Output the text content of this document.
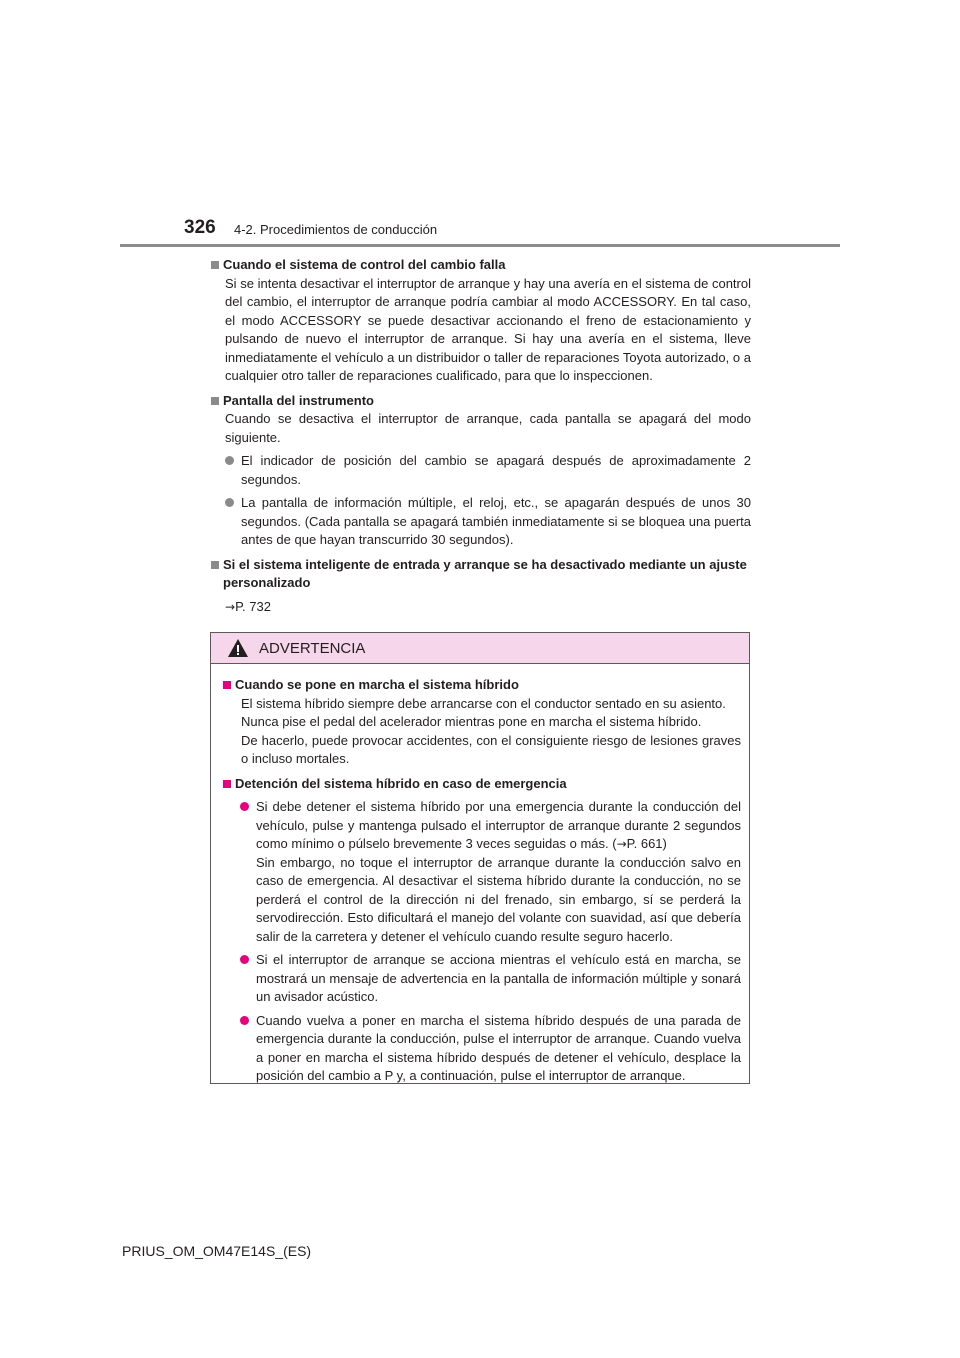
326 4-2. Procedimientos de conducción
Cuando el sistema de control del cambio falla
Si se intenta desactivar el interruptor de arranque y hay una avería en el sistema de control del cambio, el interruptor de arranque podría cambiar al modo ACCESSORY. En tal caso, el modo ACCESSORY se puede desactivar accionando el freno de estacionamiento y pulsando de nuevo el interruptor de arranque. Si hay una avería en el sistema, lleve inmediatamente el vehículo a un distribuidor o taller de reparaciones Toyota autorizado, o a cualquier otro taller de reparaciones cualificado, para que lo inspeccionen.
Pantalla del instrumento
Cuando se desactiva el interruptor de arranque, cada pantalla se apagará del modo siguiente.
El indicador de posición del cambio se apagará después de aproximadamente 2 segundos.
La pantalla de información múltiple, el reloj, etc., se apagarán después de unos 30 segundos. (Cada pantalla se apagará también inmediatamente si se bloquea una puerta antes de que hayan transcurrido 30 segundos).
Si el sistema inteligente de entrada y arranque se ha desactivado mediante un ajuste personalizado
→P. 732
ADVERTENCIA
Cuando se pone en marcha el sistema híbrido
El sistema híbrido siempre debe arrancarse con el conductor sentado en su asiento.
Nunca pise el pedal del acelerador mientras pone en marcha el sistema híbrido.
De hacerlo, puede provocar accidentes, con el consiguiente riesgo de lesiones graves o incluso mortales.
Detención del sistema híbrido en caso de emergencia
Si debe detener el sistema híbrido por una emergencia durante la conducción del vehículo, pulse y mantenga pulsado el interruptor de arranque durante 2 segundos como mínimo o púlselo brevemente 3 veces seguidas o más. (→P. 661)
Sin embargo, no toque el interruptor de arranque durante la conducción salvo en caso de emergencia. Al desactivar el sistema híbrido durante la conducción, no se perderá el control de la dirección ni del frenado, sin embargo, sí se perderá la servodirección. Esto dificultará el manejo del volante con suavidad, así que debería salir de la carretera y detener el vehículo cuando resulte seguro hacerlo.
Si el interruptor de arranque se acciona mientras el vehículo está en marcha, se mostrará un mensaje de advertencia en la pantalla de información múltiple y sonará un avisador acústico.
Cuando vuelva a poner en marcha el sistema híbrido después de una parada de emergencia durante la conducción, pulse el interruptor de arranque. Cuando vuelva a poner en marcha el sistema híbrido después de detener el vehículo, desplace la posición del cambio a P y, a continuación, pulse el interruptor de arranque.
PRIUS_OM_OM47E14S_(ES)
